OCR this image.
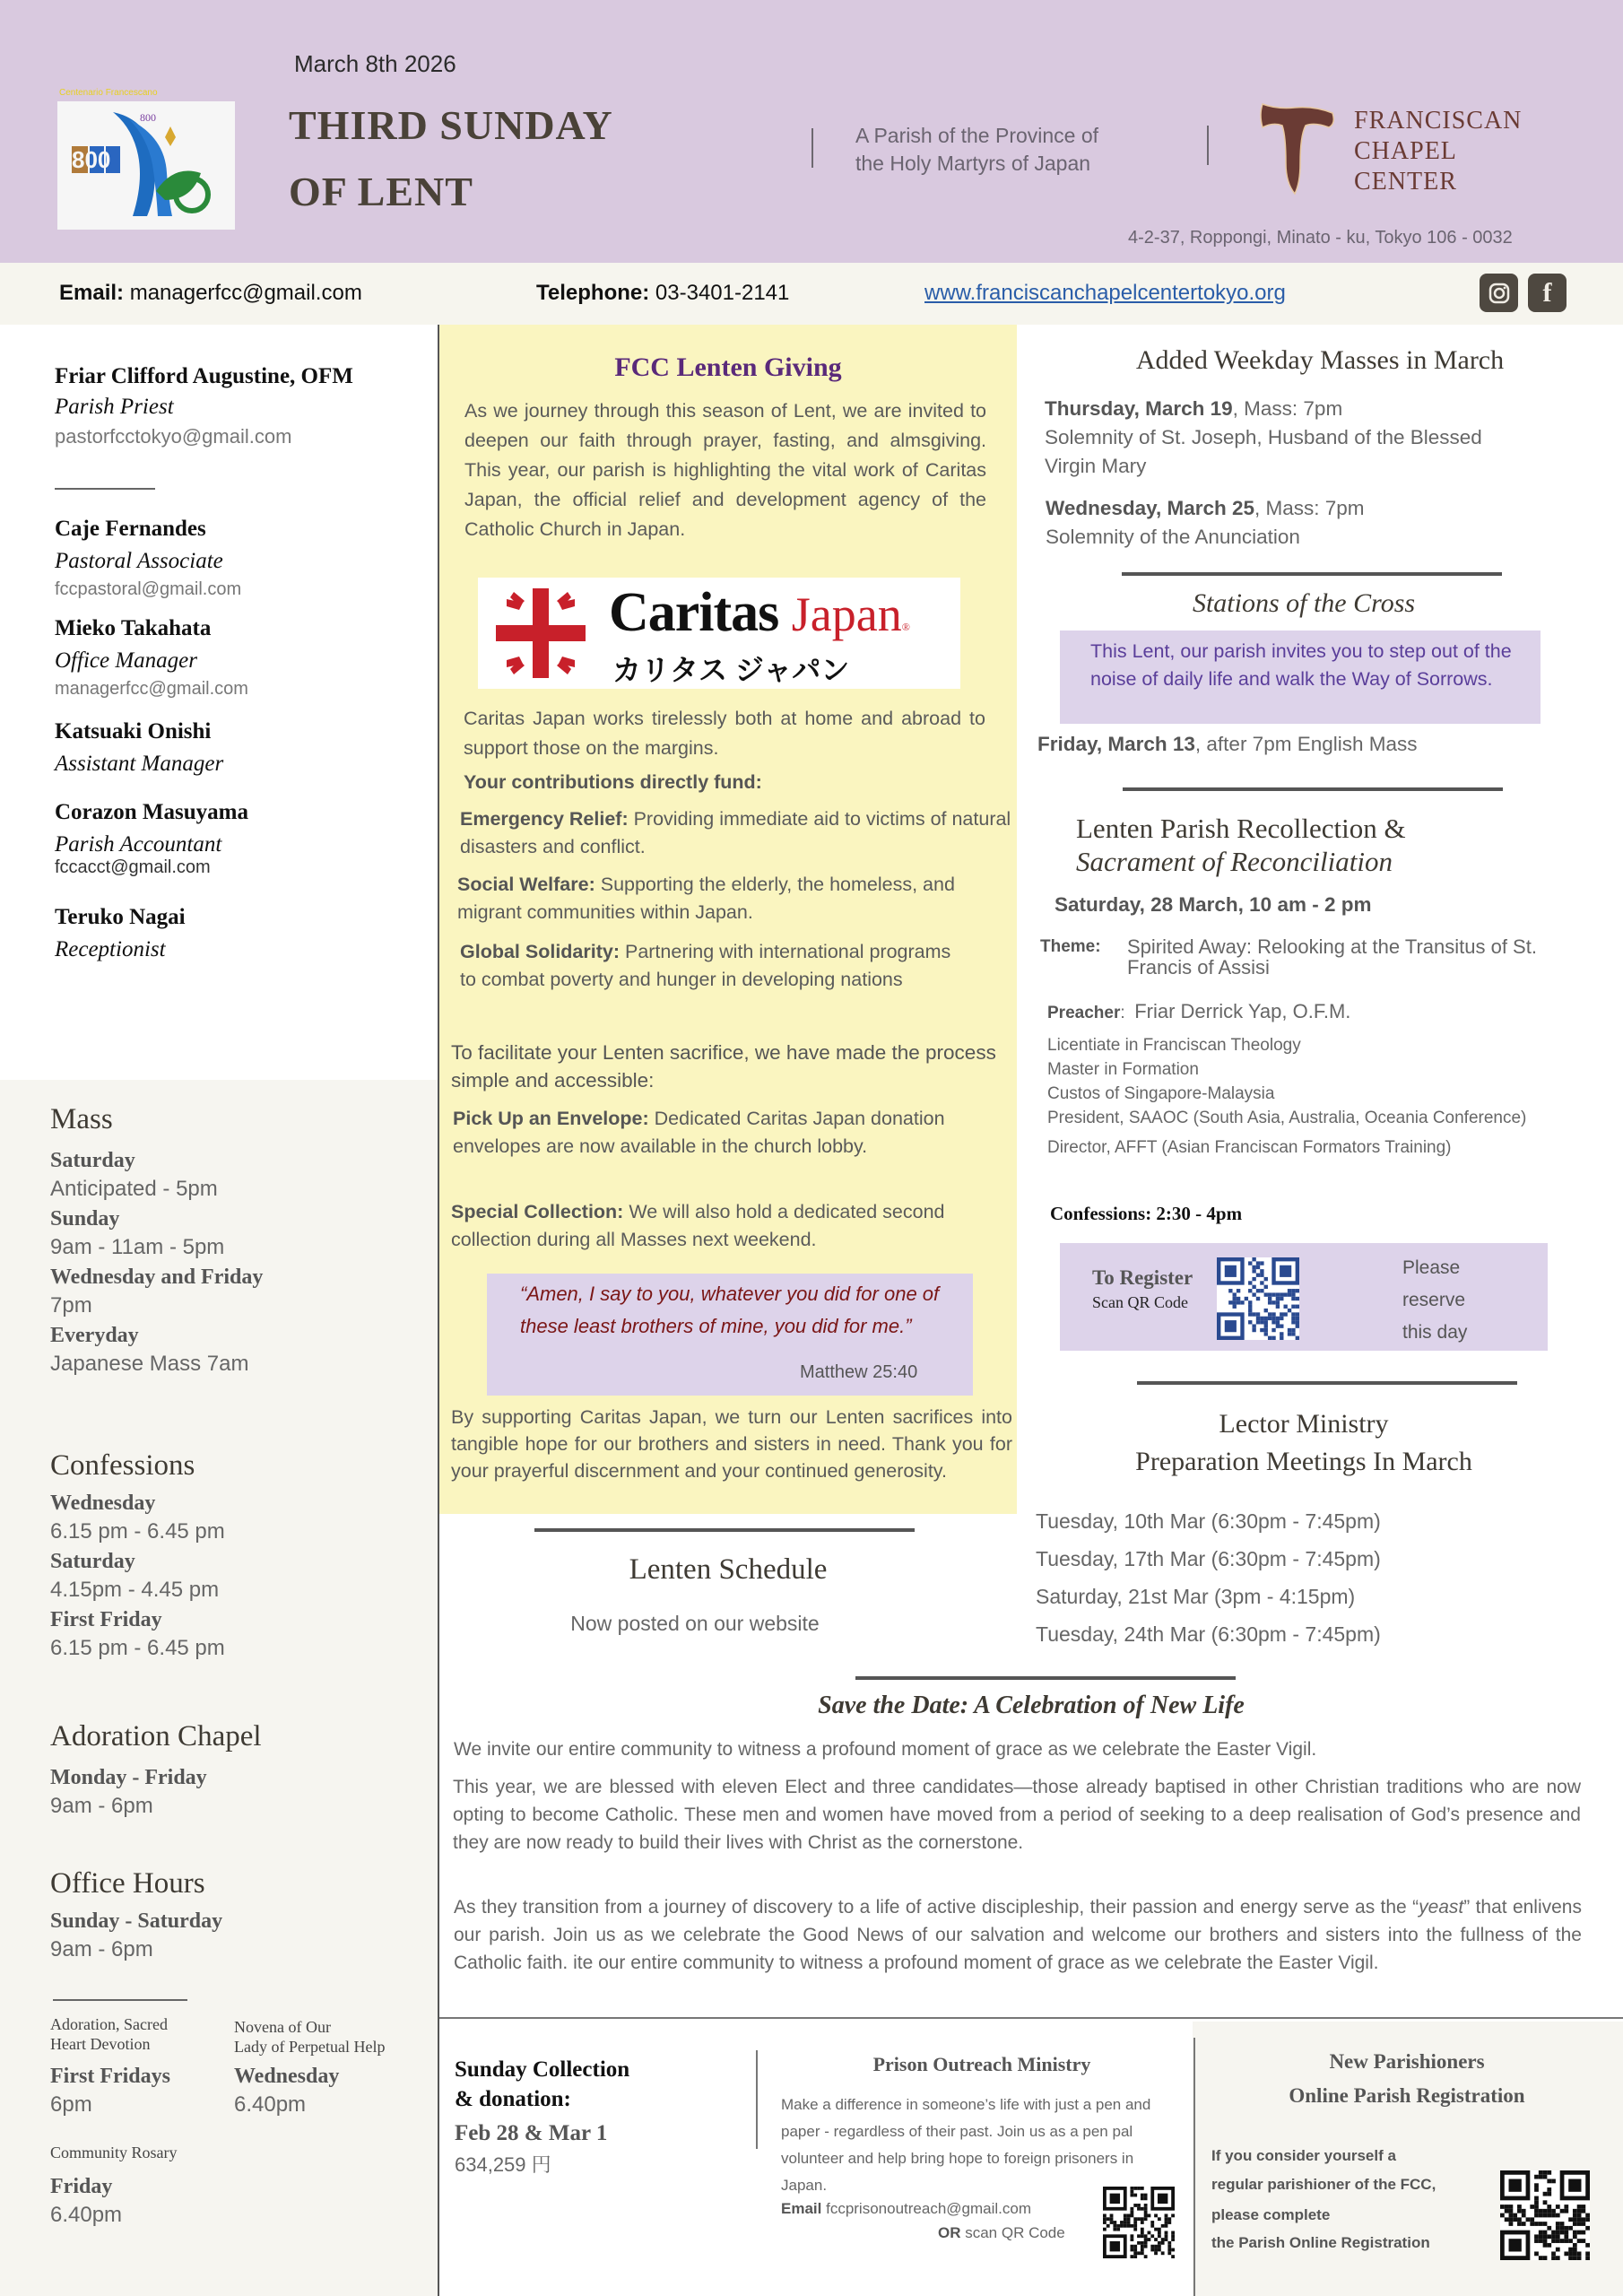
Centenario Francescano
800
800
March 8th 2026
THIRD SUNDAY
OF LENT
A Parish of the Province of
the Holy Martyrs of Japan
FRANCISCAN
CHAPEL
CENTER
4-2-37, Roppongi, Minato - ku, Tokyo 106 - 0032
Email: managerfcc@gmail.com	Telephone: 03-3401-2141	www.franciscanchapelcentertokyo.org	f
Friar Clifford Augustine, OFM
Parish Priest
pastorfcctokyo@gmail.com
Caje Fernandes
Pastoral Associate
fccpastoral@gmail.com
Mieko Takahata
Office Manager
managerfcc@gmail.com
Katsuaki Onishi
Assistant Manager
Corazon Masuyama
Parish Accountant
fccacct@gmail.com
Teruko Nagai
Receptionist
Mass
Saturday
Anticipated - 5pm
Sunday
9am - 11am - 5pm
Wednesday and Friday
7pm
Everyday
Japanese Mass 7am
Confessions
Wednesday
6.15 pm - 6.45 pm
Saturday
4.15pm - 4.45 pm
First Friday
6.15 pm - 6.45 pm
Adoration Chapel
Monday - Friday
9am - 6pm
Office Hours
Sunday - Saturday
9am - 6pm
Adoration, Sacred
Heart Devotion
First Fridays
6pm
Novena of Our
Lady of Perpetual Help
Wednesday
6.40pm
Community Rosary
Friday
6.40pm
FCC Lenten Giving
As we journey through this season of Lent, we are invited to deepen our faith through prayer, fasting, and almsgiving. This year, our parish is highlighting the vital work of Caritas Japan, the official relief and development agency of the Catholic Church in Japan.
Caritas Japan®
カリタス ジャパン
Caritas Japan works tirelessly both at home and abroad to support those on the margins.
Your contributions directly fund:
Emergency Relief: Providing immediate aid to victims of natural disasters and conflict.
Social Welfare: Supporting the elderly, the homeless, and migrant communities within Japan.
Global Solidarity: Partnering with international programs to combat poverty and hunger in developing nations
To facilitate your Lenten sacrifice, we have made the process simple and accessible:
Pick Up an Envelope: Dedicated Caritas Japan donation envelopes are now available in the church lobby.
Special Collection: We will also hold a dedicated second collection during all Masses next weekend.
“Amen, I say to you, whatever you did for one of these least brothers of mine, you did for me.”
Matthew 25:40
By supporting Caritas Japan, we turn our Lenten sacrifices into tangible hope for our brothers and sisters in need. Thank you for your prayerful discernment and your continued generosity.
Lenten Schedule
Now posted on our website
Added Weekday Masses in March
Thursday, March 19, Mass: 7pm
Solemnity of St. Joseph, Husband of the Blessed Virgin Mary
Wednesday, March 25, Mass: 7pm
Solemnity of the Anunciation
Stations of the Cross
This Lent, our parish invites you to step out of the noise of daily life and walk the Way of Sorrows.
Friday, March 13, after 7pm English Mass
Lenten Parish Recollection &
Sacrament of Reconciliation
Saturday, 28 March, 10 am - 2 pm
Theme: Spirited Away: Relooking at the Transitus of St. Francis of Assisi
Preacher:  Friar Derrick Yap, O.F.M.
Licentiate in Franciscan Theology
Master in Formation
Custos of Singapore-Malaysia
President, SAAOC (South Asia, Australia, Oceania Conference)
Director, AFFT (Asian Franciscan Formators Training)
Confessions: 2:30 - 4pm
To Register
Scan QR Code
Please
reserve
this day
Lector Ministry
Preparation Meetings In March
Tuesday, 10th Mar (6:30pm - 7:45pm)
Tuesday, 17th Mar (6:30pm - 7:45pm)
Saturday, 21st Mar (3pm - 4:15pm)
Tuesday, 24th Mar (6:30pm - 7:45pm)
Save the Date: A Celebration of New Life
We invite our entire community to witness a profound moment of grace as we celebrate the Easter Vigil.
This year, we are blessed with eleven Elect and three candidates—those already baptised in other Christian traditions who are now opting to become Catholic. These men and women have moved from a period of seeking to a deep realisation of God’s presence and they are now ready to build their lives with Christ as the cornerstone.
As they transition from a journey of discovery to a life of active discipleship, their passion and energy serve as the “yeast” that enlivens our parish. Join us as we celebrate the Good News of our salvation and welcome our brothers and sisters into the fullness of the Catholic faith. ite our entire community to witness a profound moment of grace as we celebrate the Easter Vigil.
Sunday Collection
& donation:
Feb 28 & Mar 1
634,259 円
Prison Outreach Ministry
Make a difference in someone’s life with just a pen and paper - regardless of their past. Join us as a pen pal volunteer and help bring hope to foreign prisoners in Japan.
Email fccprisonoutreach@gmail.com
OR scan QR Code
New Parishioners
Online Parish Registration
If you consider yourself a
regular parishioner of the FCC,
please complete
the Parish Online Registration
